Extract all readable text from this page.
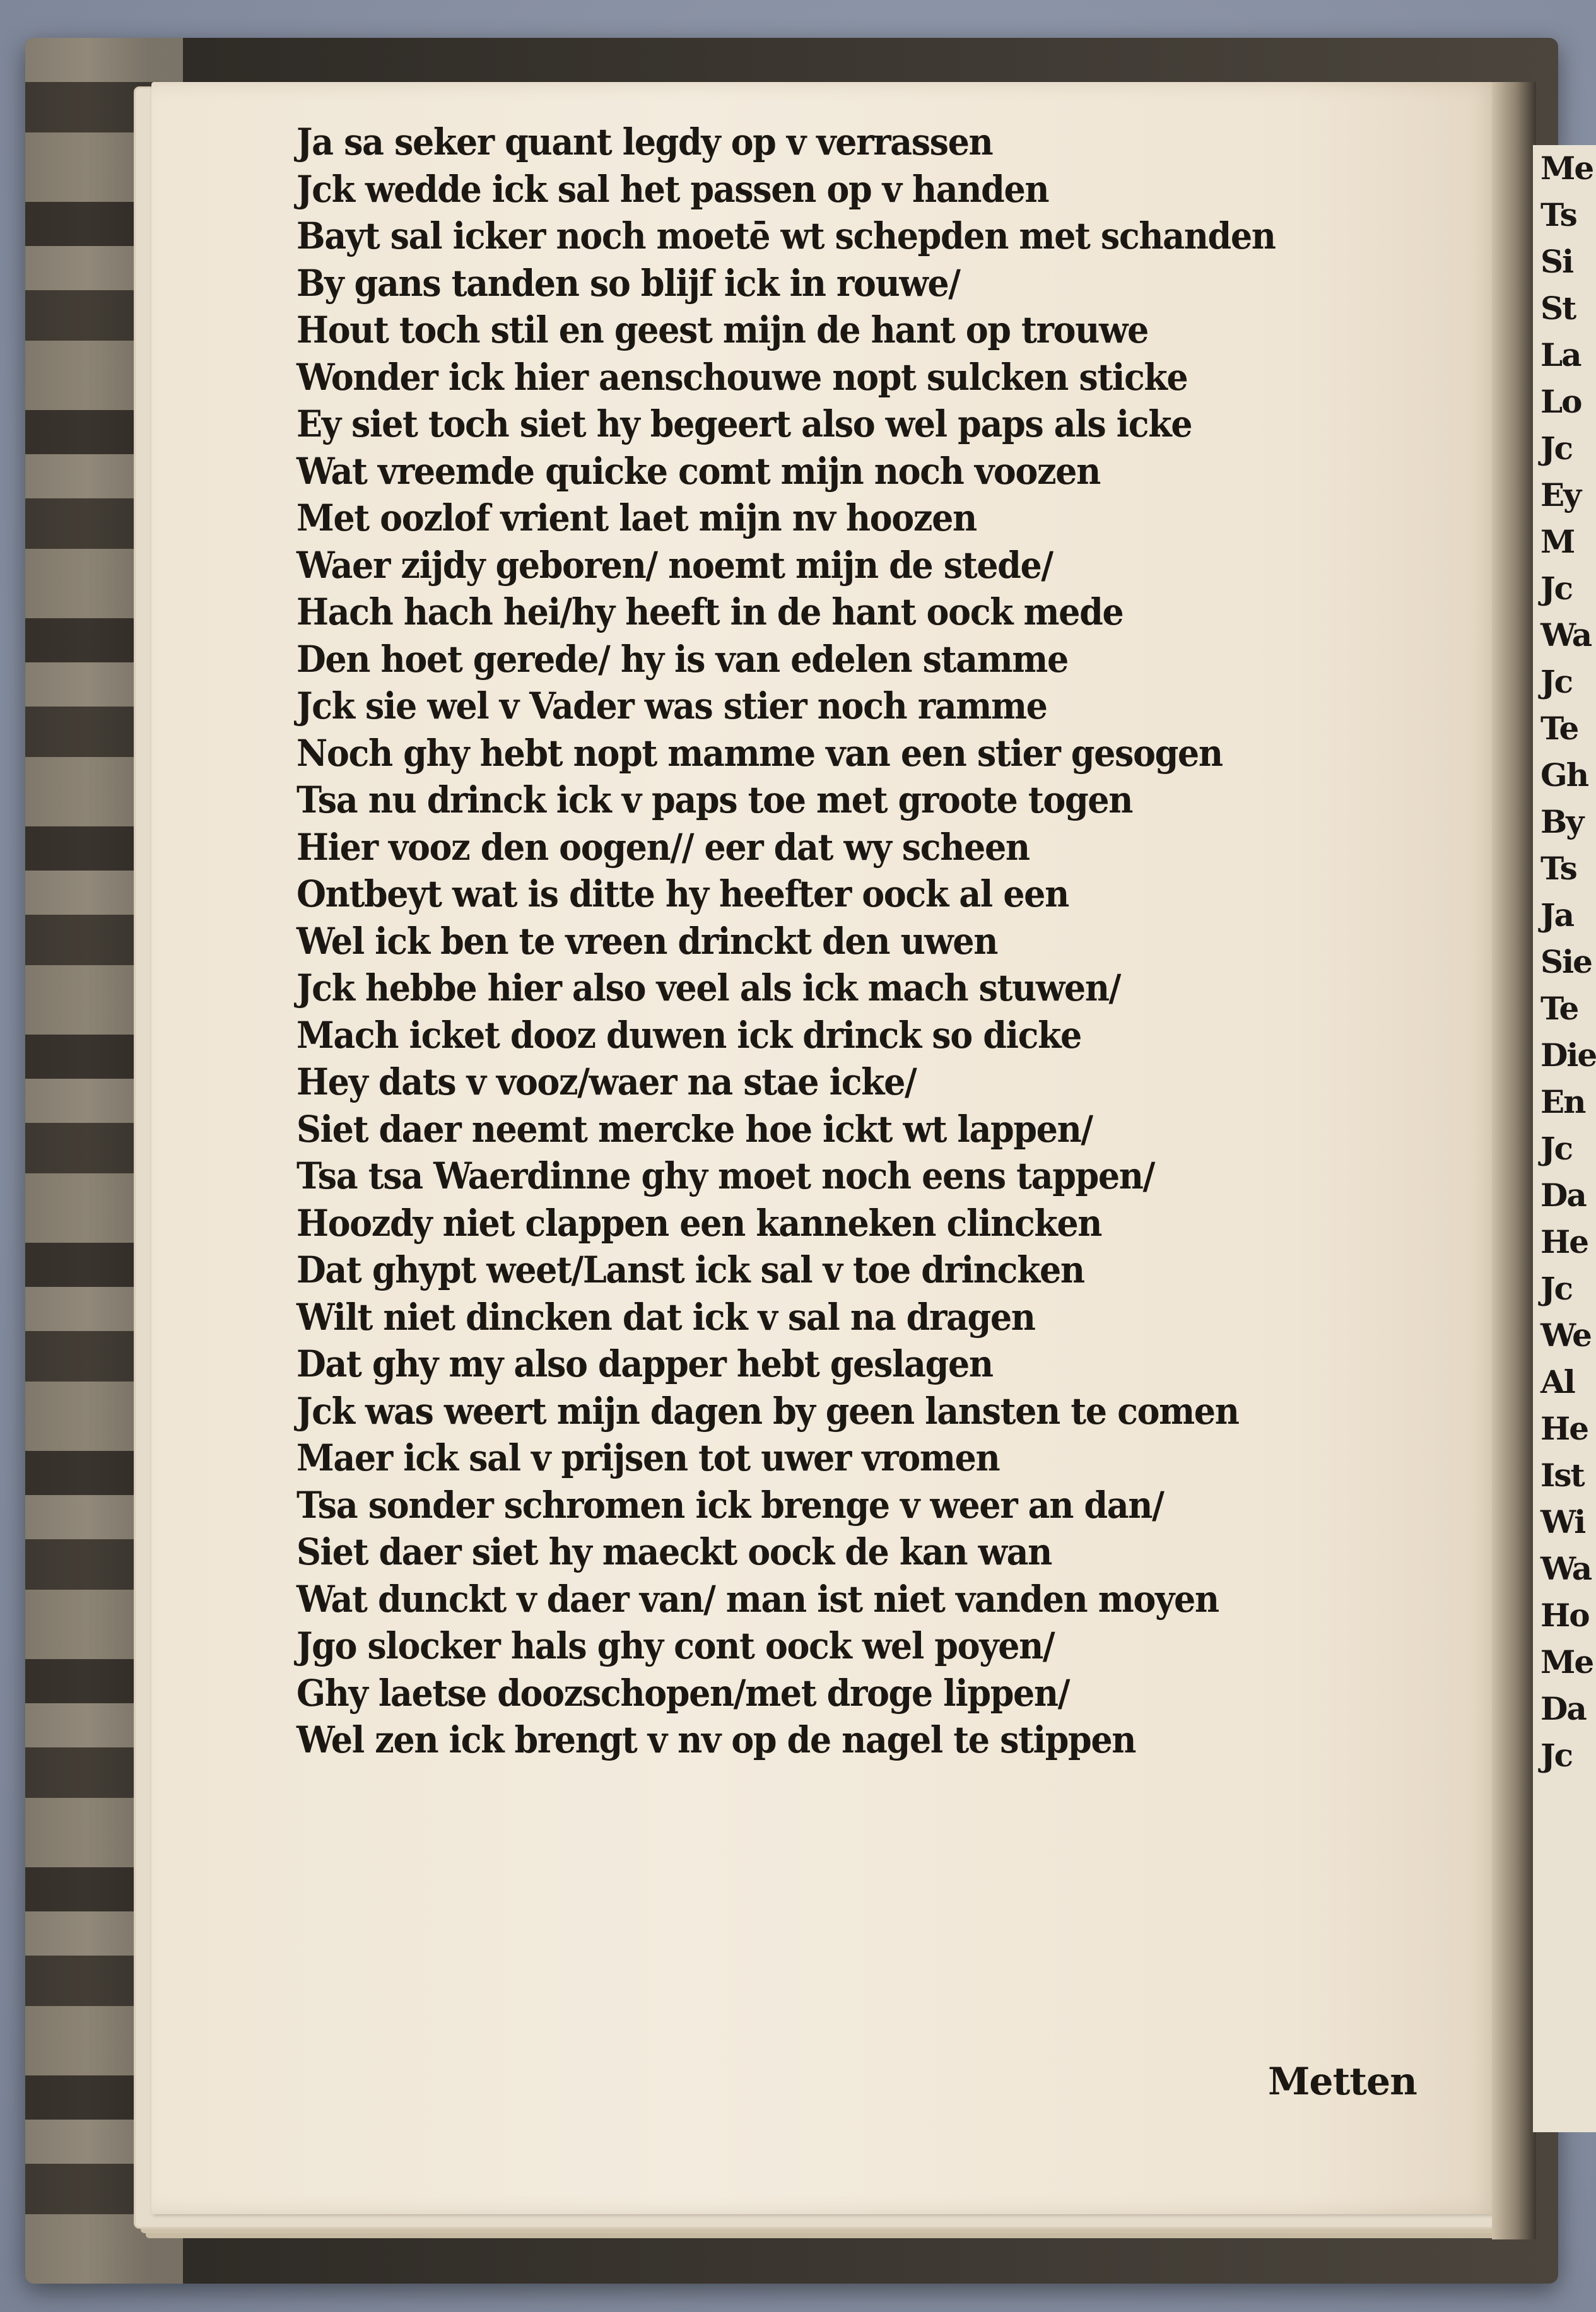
Ja sa seker quant legdy op v verrassen
Jck wedde ick sal het passen op v handen
Bayt sal icker noch moetē wt schepden met schanden
By gans tanden so blijf ick in rouwe/
Hout toch stil en geest mijn de hant op trouwe
Wonder ick hier aenschouwe nopt sulcken sticke
Ey siet toch siet hy begeert also wel paps als icke
Wat vreemde quicke comt mijn noch voozen
Met oozlof vrient laet mijn nv hoozen
Waer zijdy geboren/ noemt mijn de stede/
Hach hach hei/hy heeft in de hant oock mede
Den hoet gerede/ hy is van edelen stamme
Jck sie wel v Vader was stier noch ramme
Noch ghy hebt nopt mamme van een stier gesogen
Tsa nu drinck ick v paps toe met groote togen
Hier vooz den oogen// eer dat wy scheen
Ontbeyt wat is ditte hy heefter oock al een
Wel ick ben te vreen drinckt den uwen
Jck hebbe hier also veel als ick mach stuwen/
Mach icket dooz duwen ick drinck so dicke
Hey dats v vooz/waer na stae icke/
Siet daer neemt mercke hoe ickt wt lappen/
Tsa tsa Waerdinne ghy moet noch eens tappen/
Hoozdy niet clappen een kanneken clincken
Dat ghypt weet/Lanst ick sal v toe drincken
Wilt niet dincken dat ick v sal na dragen
Dat ghy my also dapper hebt geslagen
Jck was weert mijn dagen by geen lansten te comen
Maer ick sal v prijsen tot uwer vromen
Tsa sonder schromen ick brenge v weer an dan/
Siet daer siet hy maeckt oock de kan wan
Wat dunckt v daer van/ man ist niet vanden moyen
Jgo slocker hals ghy cont oock wel poyen/
Ghy laetse doozschopen/met droge lippen/
Wel zen ick brengt v nv op de nagel te stippen
Metten
Me
Ts
Si
St
La
Lo
Jc
Ey
M
Jc
Wa
Jc
Te
Gh
By
Ts
Ja
Sie
Te
Die
En
Jc
Da
He
Jc
We
Al
He
Ist
Wi
Wa
Ho
Me
Da
Jc
